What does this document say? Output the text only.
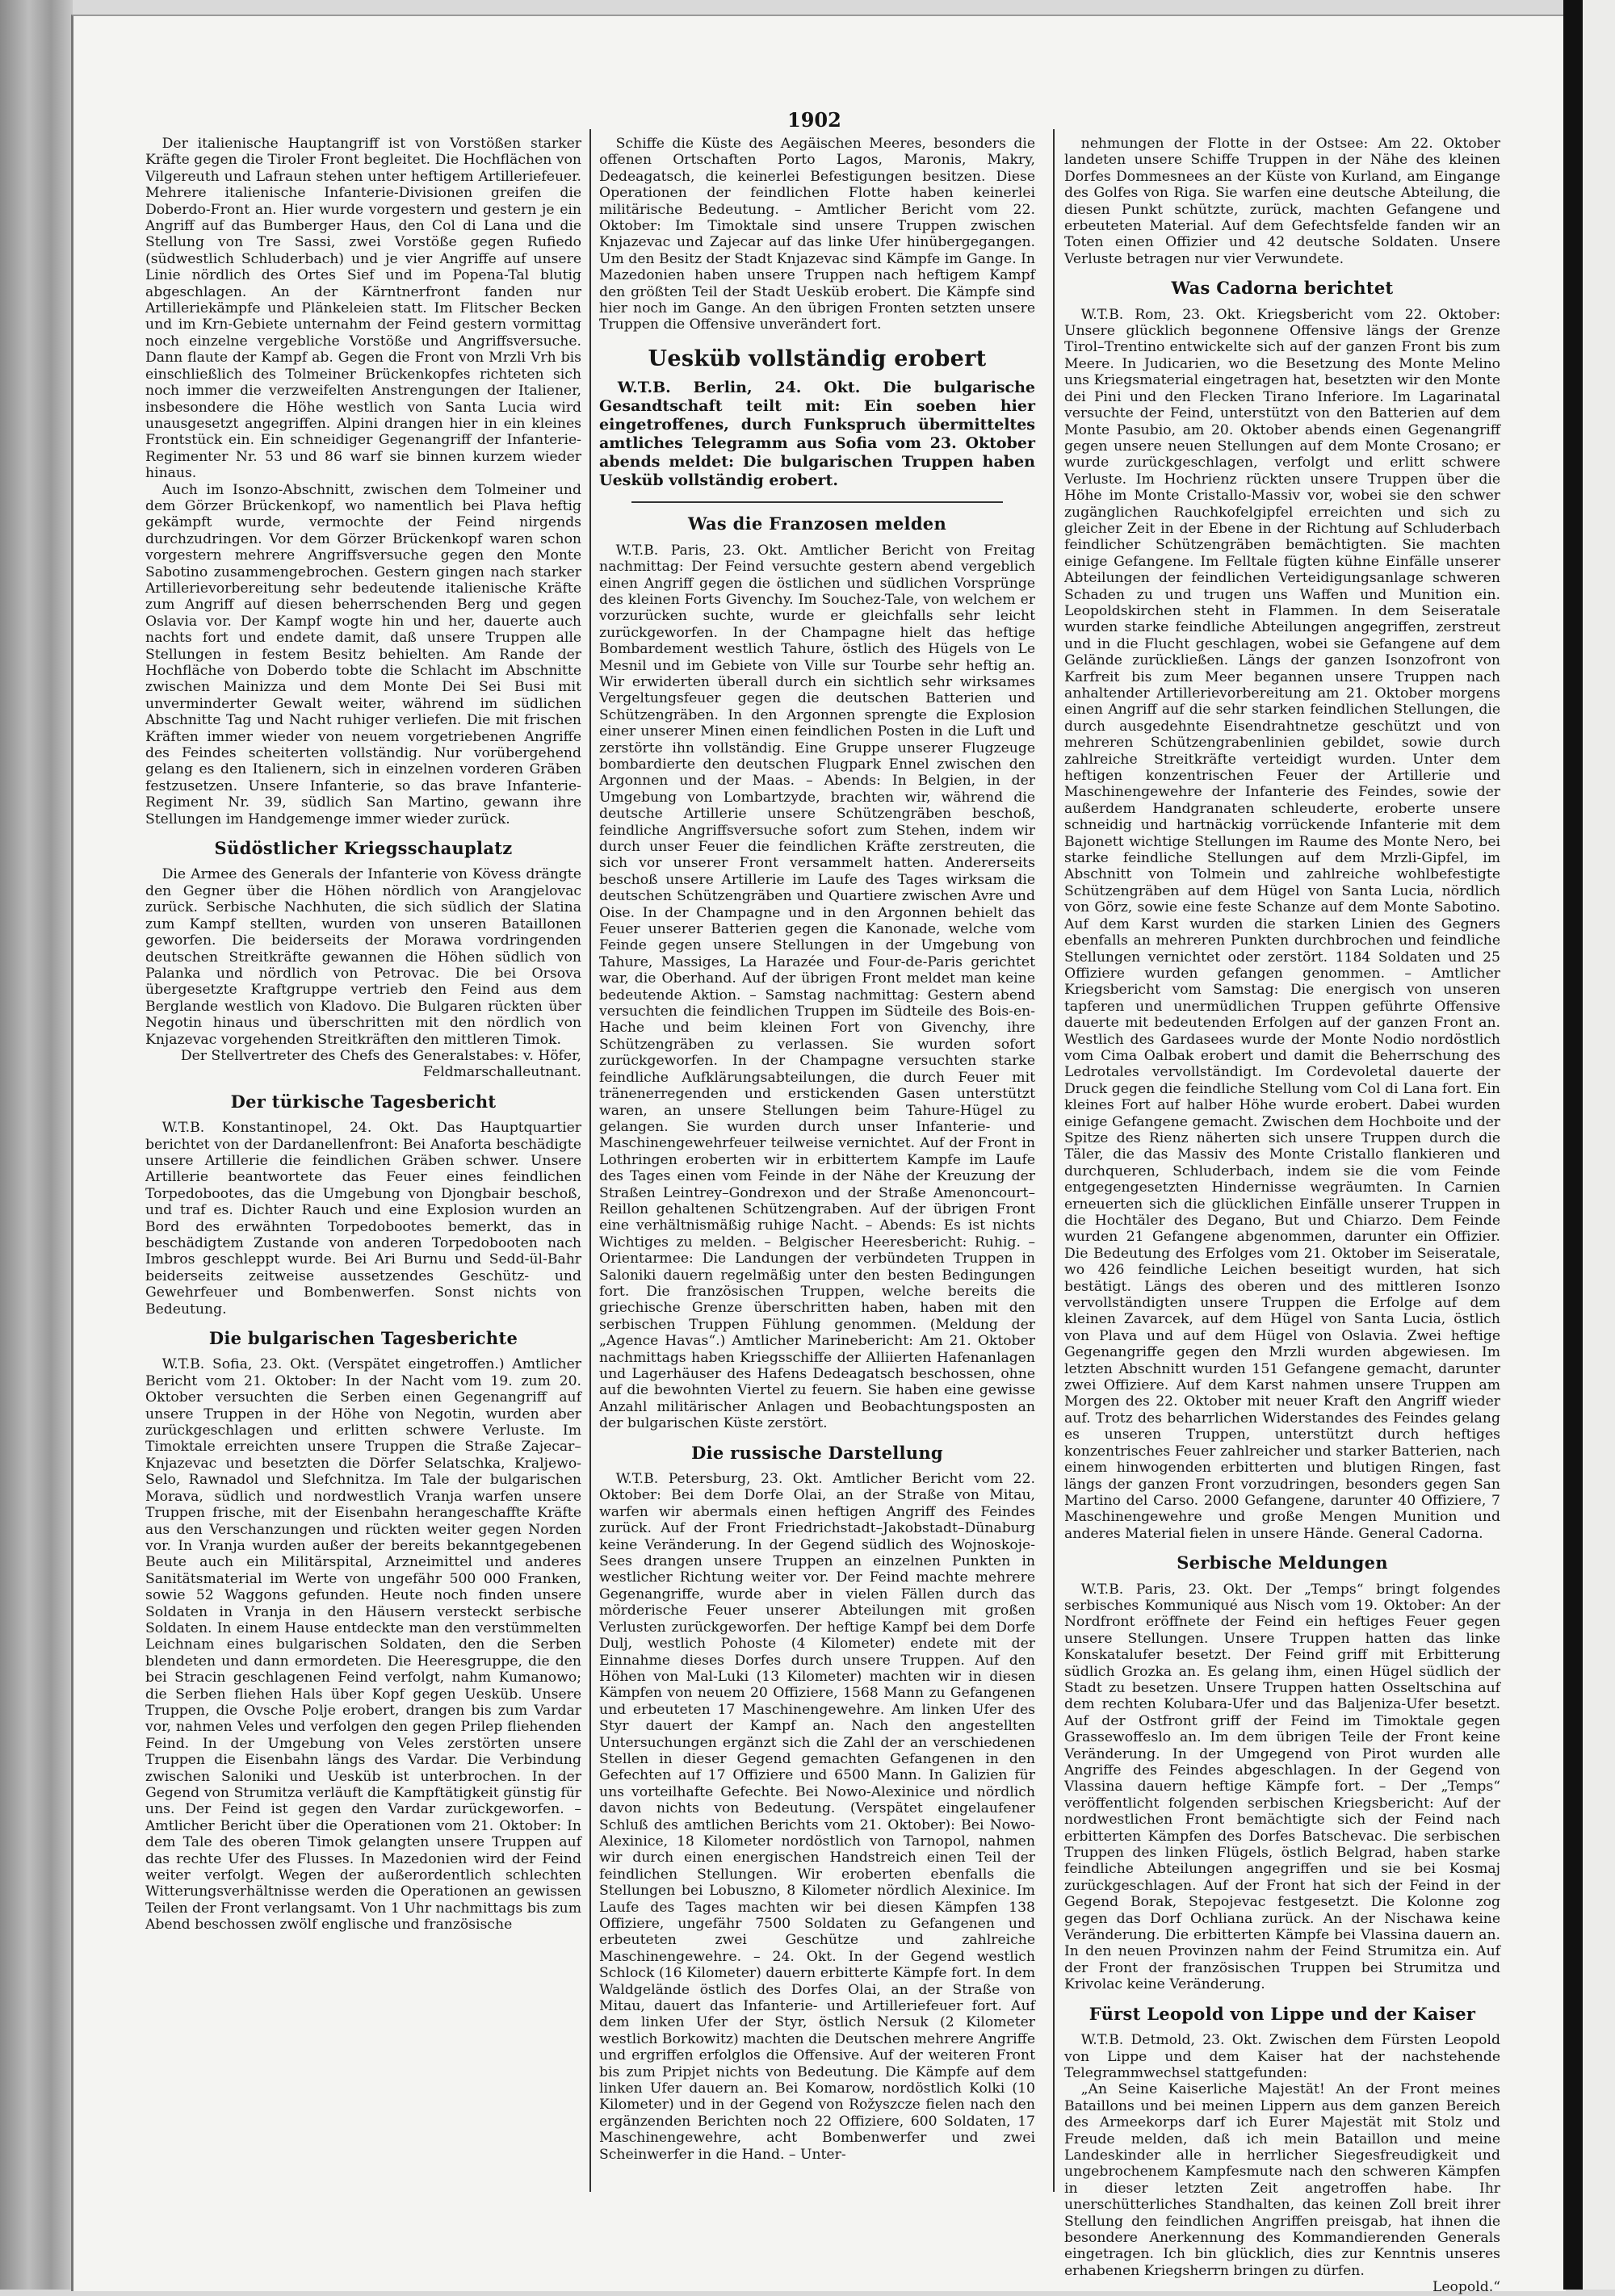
1902

Der italienische Hauptangriff ist von Vorstößen starker Kräfte gegen die Tiroler Front begleitet. Die Hochflächen von Vilgereuth und Lafraun stehen unter heftigem Artilleriefeuer. Mehrere italienische Infanterie-Divisionen greifen die Doberdo-Front an. Hier wurde vorgestern und gestern je ein Angriff auf das Bumberger Haus, den Col di Lana und die Stellung von Tre Sassi, zwei Vorstöße gegen Rufiedo (südwestlich Schluderbach) und je vier Angriffe auf unsere Linie nördlich des Ortes Sief und im Popena-Tal blutig abgeschlagen. An der Kärntnerfront fanden nur Artilleriekämpfe und Plänkeleien statt. Im Flitscher Becken und im Krn-Gebiete unternahm der Feind gestern vormittag noch einzelne vergebliche Vorstöße und Angriffsversuche. Dann flaute der Kampf ab. Gegen die Front von Mrzli Vrh bis einschließlich des Tolmeiner Brückenkopfes richteten sich noch immer die verzweifelten Anstrengungen der Italiener, insbesondere die Höhe westlich von Santa Lucia wird unausgesetzt angegriffen. Alpini drangen hier in ein kleines Frontstück ein. Ein schneidiger Gegenangriff der Infanterie-Regimenter Nr. 53 und 86 warf sie binnen kurzem wieder hinaus.

Auch im Isonzo-Abschnitt, zwischen dem Tolmeiner und dem Görzer Brückenkopf, wo namentlich bei Plava heftig gekämpft wurde, vermochte der Feind nirgends durchzudringen. Vor dem Görzer Brückenkopf waren schon vorgestern mehrere Angriffsversuche gegen den Monte Sabotino zusammengebrochen. Gestern gingen nach starker Artillerievorbereitung sehr bedeutende italienische Kräfte zum Angriff auf diesen beherrschenden Berg und gegen Oslavia vor. Der Kampf wogte hin und her, dauerte auch nachts fort und endete damit, daß unsere Truppen alle Stellungen in festem Besitz behielten. Am Rande der Hochfläche von Doberdo tobte die Schlacht im Abschnitte zwischen Mainizza und dem Monte Dei Sei Busi mit unverminderter Gewalt weiter, während im südlichen Abschnitte Tag und Nacht ruhiger verliefen. Die mit frischen Kräften immer wieder von neuem vorgetriebenen Angriffe des Feindes scheiterten vollständig. Nur vorübergehend gelang es den Italienern, sich in einzelnen vorderen Gräben festzusetzen. Unsere Infanterie, so das brave Infanterie-Regiment Nr. 39, südlich San Martino, gewann ihre Stellungen im Handgemenge immer wieder zurück.

Südöstlicher Kriegsschauplatz

Die Armee des Generals der Infanterie von Kövess drängte den Gegner über die Höhen nördlich von Arangjelovac zurück. Serbische Nachhuten, die sich südlich der Slatina zum Kampf stellten, wurden von unseren Bataillonen geworfen. Die beiderseits der Morawa vordringenden deutschen Streitkräfte gewannen die Höhen südlich von Palanka und nördlich von Petrovac. Die bei Orsova übergesetzte Kraftgruppe vertrieb den Feind aus dem Berglande westlich von Kladovo. Die Bulgaren rückten über Negotin hinaus und überschritten mit den nördlich von Knjazevac vorgehenden Streitkräften den mittleren Timok.

Der Stellvertreter des Chefs des Generalstabes: v. Höfer, Feldmarschalleutnant.

Der türkische Tagesbericht

W.T.B. Konstantinopel, 24. Okt. Das Hauptquartier berichtet von der Dardanellenfront: Bei Anaforta beschädigte unsere Artillerie die feindlichen Gräben schwer. Unsere Artillerie beantwortete das Feuer eines feindlichen Torpedobootes, das die Umgebung von Djongbair beschoß, und traf es. Dichter Rauch und eine Explosion wurden an Bord des erwähnten Torpedobootes bemerkt, das in beschädigtem Zustande von anderen Torpedobooten nach Imbros geschleppt wurde. Bei Ari Burnu und Sedd-ül-Bahr beiderseits zeitweise aussetzendes Geschütz- und Gewehrfeuer und Bombenwerfen. Sonst nichts von Bedeutung.

Die bulgarischen Tagesberichte

W.T.B. Sofia, 23. Okt. (Verspätet eingetroffen.) Amtlicher Bericht vom 21. Oktober: In der Nacht vom 19. zum 20. Oktober versuchten die Serben einen Gegenangriff auf unsere Truppen in der Höhe von Negotin, wurden aber zurückgeschlagen und erlitten schwere Verluste. Im Timoktale erreichten unsere Truppen die Straße Zajecar–Knjazevac und besetzten die Dörfer Selatschka, Kraljewo-Selo, Rawnadol und Slefchnitza. Im Tale der bulgarischen Morava, südlich und nordwestlich Vranja warfen unsere Truppen frische, mit der Eisenbahn herangeschaffte Kräfte aus den Verschanzungen und rückten weiter gegen Norden vor. In Vranja wurden außer der bereits bekanntgegebenen Beute auch ein Militärspital, Arzneimittel und anderes Sanitätsmaterial im Werte von ungefähr 500 000 Franken, sowie 52 Waggons gefunden. Heute noch finden unsere Soldaten in Vranja in den Häusern versteckt serbische Soldaten. In einem Hause entdeckte man den verstümmelten Leichnam eines bulgarischen Soldaten, den die Serben blendeten und dann ermordeten. Die Heeresgruppe, die den bei Stracin geschlagenen Feind verfolgt, nahm Kumanowo; die Serben fliehen Hals über Kopf gegen Uesküb. Unsere Truppen, die Ovsche Polje erobert, drangen bis zum Vardar vor, nahmen Veles und verfolgen den gegen Prilep fliehenden Feind. In der Umgebung von Veles zerstörten unsere Truppen die Eisenbahn längs des Vardar. Die Verbindung zwischen Saloniki und Uesküb ist unterbrochen. In der Gegend von Strumitza verläuft die Kampftätigkeit günstig für uns. Der Feind ist gegen den Vardar zurückgeworfen. – Amtlicher Bericht über die Operationen vom 21. Oktober: In dem Tale des oberen Timok gelangten unsere Truppen auf das rechte Ufer des Flusses. In Mazedonien wird der Feind weiter verfolgt. Wegen der außerordentlich schlechten Witterungsverhältnisse werden die Operationen an gewissen Teilen der Front verlangsamt. Von 1 Uhr nachmittags bis zum Abend beschossen zwölf englische und französische

Schiffe die Küste des Aegäischen Meeres, besonders die offenen Ortschaften Porto Lagos, Maronis, Makry, Dedeagatsch, die keinerlei Befestigungen besitzen. Diese Operationen der feindlichen Flotte haben keinerlei militärische Bedeutung. – Amtlicher Bericht vom 22. Oktober: Im Timoktale sind unsere Truppen zwischen Knjazevac und Zajecar auf das linke Ufer hinübergegangen. Um den Besitz der Stadt Knjazevac sind Kämpfe im Gange. In Mazedonien haben unsere Truppen nach heftigem Kampf den größten Teil der Stadt Uesküb erobert. Die Kämpfe sind hier noch im Gange. An den übrigen Fronten setzten unsere Truppen die Offensive unverändert fort.

Uesküb vollständig erobert

W.T.B. Berlin, 24. Okt. Die bulgarische Gesandtschaft teilt mit: Ein soeben hier eingetroffenes, durch Funkspruch übermitteltes amtliches Telegramm aus Sofia vom 23. Oktober abends meldet: Die bulgarischen Truppen haben Uesküb vollständig erobert.

Was die Franzosen melden

W.T.B. Paris, 23. Okt. Amtlicher Bericht von Freitag nachmittag: Der Feind versuchte gestern abend vergeblich einen Angriff gegen die östlichen und südlichen Vorsprünge des kleinen Forts Givenchy. Im Souchez-Tale, von welchem er vorzurücken suchte, wurde er gleichfalls sehr leicht zurückgeworfen. In der Champagne hielt das heftige Bombardement westlich Tahure, östlich des Hügels von Le Mesnil und im Gebiete von Ville sur Tourbe sehr heftig an. Wir erwiderten überall durch ein sichtlich sehr wirksames Vergeltungsfeuer gegen die deutschen Batterien und Schützengräben. In den Argonnen sprengte die Explosion einer unserer Minen einen feindlichen Posten in die Luft und zerstörte ihn vollständig. Eine Gruppe unserer Flugzeuge bombardierte den deutschen Flugpark Ennel zwischen den Argonnen und der Maas. – Abends: In Belgien, in der Umgebung von Lombartzyde, brachten wir, während die deutsche Artillerie unsere Schützengräben beschoß, feindliche Angriffsversuche sofort zum Stehen, indem wir durch unser Feuer die feindlichen Kräfte zerstreuten, die sich vor unserer Front versammelt hatten. Andererseits beschoß unsere Artillerie im Laufe des Tages wirksam die deutschen Schützengräben und Quartiere zwischen Avre und Oise. In der Champagne und in den Argonnen behielt das Feuer unserer Batterien gegen die Kanonade, welche vom Feinde gegen unsere Stellungen in der Umgebung von Tahure, Massiges, La Harazée und Four-de-Paris gerichtet war, die Oberhand. Auf der übrigen Front meldet man keine bedeutende Aktion. – Samstag nachmittag: Gestern abend versuchten die feindlichen Truppen im Südteile des Bois-en-Hache und beim kleinen Fort von Givenchy, ihre Schützengräben zu verlassen. Sie wurden sofort zurückgeworfen. In der Champagne versuchten starke feindliche Aufklärungsabteilungen, die durch Feuer mit tränenerregenden und erstickenden Gasen unterstützt waren, an unsere Stellungen beim Tahure-Hügel zu gelangen. Sie wurden durch unser Infanterie- und Maschinengewehrfeuer teilweise vernichtet. Auf der Front in Lothringen eroberten wir in erbittertem Kampfe im Laufe des Tages einen vom Feinde in der Nähe der Kreuzung der Straßen Leintrey–Gondrexon und der Straße Amenoncourt–Reillon gehaltenen Schützengraben. Auf der übrigen Front eine verhältnismäßig ruhige Nacht. – Abends: Es ist nichts Wichtiges zu melden. – Belgischer Heeresbericht: Ruhig. – Orientarmee: Die Landungen der verbündeten Truppen in Saloniki dauern regelmäßig unter den besten Bedingungen fort. Die französischen Truppen, welche bereits die griechische Grenze überschritten haben, haben mit den serbischen Truppen Fühlung genommen. (Meldung der „Agence Havas“.) Amtlicher Marinebericht: Am 21. Oktober nachmittags haben Kriegsschiffe der Alliierten Hafenanlagen und Lagerhäuser des Hafens Dedeagatsch beschossen, ohne auf die bewohnten Viertel zu feuern. Sie haben eine gewisse Anzahl militärischer Anlagen und Beobachtungsposten an der bulgarischen Küste zerstört.

Die russische Darstellung

W.T.B. Petersburg, 23. Okt. Amtlicher Bericht vom 22. Oktober: Bei dem Dorfe Olai, an der Straße von Mitau, warfen wir abermals einen heftigen Angriff des Feindes zurück. Auf der Front Friedrichstadt–Jakobstadt–Dünaburg keine Veränderung. In der Gegend südlich des Wojnoskoje-Sees drangen unsere Truppen an einzelnen Punkten in westlicher Richtung weiter vor. Der Feind machte mehrere Gegenangriffe, wurde aber in vielen Fällen durch das mörderische Feuer unserer Abteilungen mit großen Verlusten zurückgeworfen. Der heftige Kampf bei dem Dorfe Dulj, westlich Pohoste (4 Kilometer) endete mit der Einnahme dieses Dorfes durch unsere Truppen. Auf den Höhen von Mal-Luki (13 Kilometer) machten wir in diesen Kämpfen von neuem 20 Offiziere, 1568 Mann zu Gefangenen und erbeuteten 17 Maschinengewehre. Am linken Ufer des Styr dauert der Kampf an. Nach den angestellten Untersuchungen ergänzt sich die Zahl der an verschiedenen Stellen in dieser Gegend gemachten Gefangenen in den Gefechten auf 17 Offiziere und 6500 Mann. In Galizien für uns vorteilhafte Gefechte. Bei Nowo-Alexinice und nördlich davon nichts von Bedeutung. (Verspätet eingelaufener Schluß des amtlichen Berichts vom 21. Oktober): Bei Nowo-Alexinice, 18 Kilometer nordöstlich von Tarnopol, nahmen wir durch einen energischen Handstreich einen Teil der feindlichen Stellungen. Wir eroberten ebenfalls die Stellungen bei Lobuszno, 8 Kilometer nördlich Alexinice. Im Laufe des Tages machten wir bei diesen Kämpfen 138 Offiziere, ungefähr 7500 Soldaten zu Gefangenen und erbeuteten zwei Geschütze und zahlreiche Maschinengewehre. – 24. Okt. In der Gegend westlich Schlock (16 Kilometer) dauern erbitterte Kämpfe fort. In dem Waldgelände östlich des Dorfes Olai, an der Straße von Mitau, dauert das Infanterie- und Artilleriefeuer fort. Auf dem linken Ufer der Styr, östlich Nersuk (2 Kilometer westlich Borkowitz) machten die Deutschen mehrere Angriffe und ergriffen erfolglos die Offensive. Auf der weiteren Front bis zum Pripjet nichts von Bedeutung. Die Kämpfe auf dem linken Ufer dauern an. Bei Komarow, nordöstlich Kolki (10 Kilometer) und in der Gegend von Rožyszcze fielen nach den ergänzenden Berichten noch 22 Offiziere, 600 Soldaten, 17 Maschinengewehre, acht Bombenwerfer und zwei Scheinwerfer in die Hand. – Unter-

nehmungen der Flotte in der Ostsee: Am 22. Oktober landeten unsere Schiffe Truppen in der Nähe des kleinen Dorfes Dommesnees an der Küste von Kurland, am Eingange des Golfes von Riga. Sie warfen eine deutsche Abteilung, die diesen Punkt schützte, zurück, machten Gefangene und erbeuteten Material. Auf dem Gefechtsfelde fanden wir an Toten einen Offizier und 42 deutsche Soldaten. Unsere Verluste betragen nur vier Verwundete.

Was Cadorna berichtet

W.T.B. Rom, 23. Okt. Kriegsbericht vom 22. Oktober: Unsere glücklich begonnene Offensive längs der Grenze Tirol–Trentino entwickelte sich auf der ganzen Front bis zum Meere. In Judicarien, wo die Besetzung des Monte Melino uns Kriegsmaterial eingetragen hat, besetzten wir den Monte dei Pini und den Flecken Tirano Inferiore. Im Lagarinatal versuchte der Feind, unterstützt von den Batterien auf dem Monte Pasubio, am 20. Oktober abends einen Gegenangriff gegen unsere neuen Stellungen auf dem Monte Crosano; er wurde zurückgeschlagen, verfolgt und erlitt schwere Verluste. Im Hochrienz rückten unsere Truppen über die Höhe im Monte Cristallo-Massiv vor, wobei sie den schwer zugänglichen Rauchkofelgipfel erreichten und sich zu gleicher Zeit in der Ebene in der Richtung auf Schluderbach feindlicher Schützengräben bemächtigten. Sie machten einige Gefangene. Im Felltale fügten kühne Einfälle unserer Abteilungen der feindlichen Verteidigungsanlage schweren Schaden zu und trugen uns Waffen und Munition ein. Leopoldskirchen steht in Flammen. In dem Seiseratale wurden starke feindliche Abteilungen angegriffen, zerstreut und in die Flucht geschlagen, wobei sie Gefangene auf dem Gelände zurückließen. Längs der ganzen Isonzofront von Karfreit bis zum Meer begannen unsere Truppen nach anhaltender Artillerievorbereitung am 21. Oktober morgens einen Angriff auf die sehr starken feindlichen Stellungen, die durch ausgedehnte Eisendrahtnetze geschützt und von mehreren Schützengrabenlinien gebildet, sowie durch zahlreiche Streitkräfte verteidigt wurden. Unter dem heftigen konzentrischen Feuer der Artillerie und Maschinengewehre der Infanterie des Feindes, sowie der außerdem Handgranaten schleuderte, eroberte unsere schneidig und hartnäckig vorrückende Infanterie mit dem Bajonett wichtige Stellungen im Raume des Monte Nero, bei starke feindliche Stellungen auf dem Mrzli-Gipfel, im Abschnitt von Tolmein und zahlreiche wohlbefestigte Schützengräben auf dem Hügel von Santa Lucia, nördlich von Görz, sowie eine feste Schanze auf dem Monte Sabotino. Auf dem Karst wurden die starken Linien des Gegners ebenfalls an mehreren Punkten durchbrochen und feindliche Stellungen vernichtet oder zerstört. 1184 Soldaten und 25 Offiziere wurden gefangen genommen. – Amtlicher Kriegsbericht vom Samstag: Die energisch von unseren tapferen und unermüdlichen Truppen geführte Offensive dauerte mit bedeutenden Erfolgen auf der ganzen Front an. Westlich des Gardasees wurde der Monte Nodio nordöstlich vom Cima Oalbak erobert und damit die Beherrschung des Ledrotales vervollständigt. Im Cordevoletal dauerte der Druck gegen die feindliche Stellung vom Col di Lana fort. Ein kleines Fort auf halber Höhe wurde erobert. Dabei wurden einige Gefangene gemacht. Zwischen dem Hochboite und der Spitze des Rienz näherten sich unsere Truppen durch die Täler, die das Massiv des Monte Cristallo flankieren und durchqueren, Schluderbach, indem sie die vom Feinde entgegengesetzten Hindernisse wegräumten. In Carnien erneuerten sich die glücklichen Einfälle unserer Truppen in die Hochtäler des Degano, But und Chiarzo. Dem Feinde wurden 21 Gefangene abgenommen, darunter ein Offizier. Die Bedeutung des Erfolges vom 21. Oktober im Seiseratale, wo 426 feindliche Leichen beseitigt wurden, hat sich bestätigt. Längs des oberen und des mittleren Isonzo vervollständigten unsere Truppen die Erfolge auf dem kleinen Zavarcek, auf dem Hügel von Santa Lucia, östlich von Plava und auf dem Hügel von Oslavia. Zwei heftige Gegenangriffe gegen den Mrzli wurden abgewiesen. Im letzten Abschnitt wurden 151 Gefangene gemacht, darunter zwei Offiziere. Auf dem Karst nahmen unsere Truppen am Morgen des 22. Oktober mit neuer Kraft den Angriff wieder auf. Trotz des beharrlichen Widerstandes des Feindes gelang es unseren Truppen, unterstützt durch heftiges konzentrisches Feuer zahlreicher und starker Batterien, nach einem hinwogenden erbitterten und blutigen Ringen, fast längs der ganzen Front vorzudringen, besonders gegen San Martino del Carso. 2000 Gefangene, darunter 40 Offiziere, 7 Maschinengewehre und große Mengen Munition und anderes Material fielen in unsere Hände. General Cadorna.

Serbische Meldungen

W.T.B. Paris, 23. Okt. Der „Temps“ bringt folgendes serbisches Kommuniqué aus Nisch vom 19. Oktober: An der Nordfront eröffnete der Feind ein heftiges Feuer gegen unsere Stellungen. Unsere Truppen hatten das linke Konskatalufer besetzt. Der Feind griff mit Erbitterung südlich Grozka an. Es gelang ihm, einen Hügel südlich der Stadt zu besetzen. Unsere Truppen hatten Osseltschina auf dem rechten Kolubara-Ufer und das Baljeniza-Ufer besetzt. Auf der Ostfront griff der Feind im Timoktale gegen Grassewoffeslo an. Im dem übrigen Teile der Front keine Veränderung. In der Umgegend von Pirot wurden alle Angriffe des Feindes abgeschlagen. In der Gegend von Vlassina dauern heftige Kämpfe fort. – Der „Temps“ veröffentlicht folgenden serbischen Kriegsbericht: Auf der nordwestlichen Front bemächtigte sich der Feind nach erbitterten Kämpfen des Dorfes Batschevac. Die serbischen Truppen des linken Flügels, östlich Belgrad, haben starke feindliche Abteilungen angegriffen und sie bei Kosmaj zurückgeschlagen. Auf der Front hat sich der Feind in der Gegend Borak, Stepojevac festgesetzt. Die Kolonne zog gegen das Dorf Ochliana zurück. An der Nischawa keine Veränderung. Die erbitterten Kämpfe bei Vlassina dauern an. In den neuen Provinzen nahm der Feind Strumitza ein. Auf der Front der französischen Truppen bei Strumitza und Krivolac keine Veränderung.

Fürst Leopold von Lippe und der Kaiser

W.T.B. Detmold, 23. Okt. Zwischen dem Fürsten Leopold von Lippe und dem Kaiser hat der nachstehende Telegrammwechsel stattgefunden:

„An Seine Kaiserliche Majestät! An der Front meines Bataillons und bei meinen Lippern aus dem ganzen Bereich des Armeekorps darf ich Eurer Majestät mit Stolz und Freude melden, daß ich mein Bataillon und meine Landeskinder alle in herrlicher Siegesfreudigkeit und ungebrochenem Kampfesmute nach den schweren Kämpfen in dieser letzten Zeit angetroffen habe. Ihr unerschütterliches Standhalten, das keinen Zoll breit ihrer Stellung den feindlichen Angriffen preisgab, hat ihnen die besondere Anerkennung des Kommandierenden Generals eingetragen. Ich bin glücklich, dies zur Kenntnis unseres erhabenen Kriegsherrn bringen zu dürfen.

Leopold.“
